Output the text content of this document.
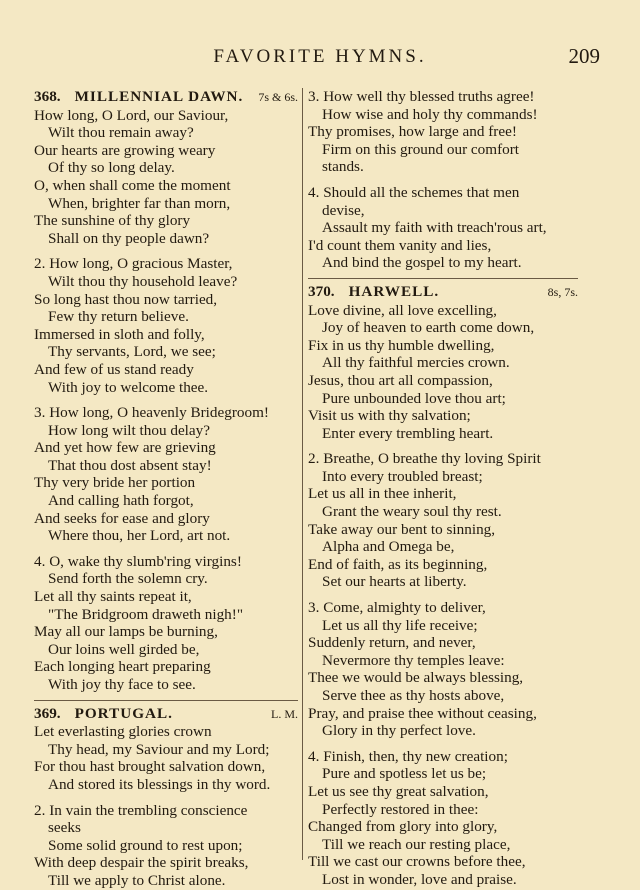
FAVORITE HYMNS.	209
368. MILLENNIAL DAWN.	7s & 6s.
How long, O Lord, our Saviour,
Wilt thou remain away?
Our hearts are growing weary
Of thy so long delay.
O, when shall come the moment
When, brighter far than morn,
The sunshine of thy glory
Shall on thy people dawn?
2. How long, O gracious Master,
Wilt thou thy household leave?
So long hast thou now tarried,
Few thy return believe.
Immersed in sloth and folly,
Thy servants, Lord, we see;
And few of us stand ready
With joy to welcome thee.
3. How long, O heavenly Bridegroom!
How long wilt thou delay?
And yet how few are grieving
That thou dost absent stay!
Thy very bride her portion
And calling hath forgot,
And seeks for ease and glory
Where thou, her Lord, art not.
4. O, wake thy slumb'ring virgins!
Send forth the solemn cry.
Let all thy saints repeat it,
"The Bridgroom draweth nigh!"
May all our lamps be burning,
Our loins well girded be,
Each longing heart preparing
With joy thy face to see.
369. PORTUGAL.	L. M.
Let everlasting glories crown
Thy head, my Saviour and my Lord;
For thou hast brought salvation down,
And stored its blessings in thy word.
2. In vain the trembling conscience
seeks
Some solid ground to rest upon;
With deep despair the spirit breaks,
Till we apply to Christ alone.
3. How well thy blessed truths agree!
How wise and holy thy commands!
Thy promises, how large and free!
Firm on this ground our comfort
stands.
4. Should all the schemes that men
devise,
Assault my faith with treach'rous art,
I'd count them vanity and lies,
And bind the gospel to my heart.
370. HARWELL.	8s, 7s.
Love divine, all love excelling,
Joy of heaven to earth come down,
Fix in us thy humble dwelling,
All thy faithful mercies crown.
Jesus, thou art all compassion,
Pure unbounded love thou art;
Visit us with thy salvation;
Enter every trembling heart.
2. Breathe, O breathe thy loving Spirit
Into every troubled breast;
Let us all in thee inherit,
Grant the weary soul thy rest.
Take away our bent to sinning,
Alpha and Omega be,
End of faith, as its beginning,
Set our hearts at liberty.
3. Come, almighty to deliver,
Let us all thy life receive;
Suddenly return, and never,
Nevermore thy temples leave:
Thee we would be always blessing,
Serve thee as thy hosts above,
Pray, and praise thee without ceasing,
Glory in thy perfect love.
4. Finish, then, thy new creation;
Pure and spotless let us be;
Let us see thy great salvation,
Perfectly restored in thee:
Changed from glory into glory,
Till we reach our resting place,
Till we cast our crowns before thee,
Lost in wonder, love and praise.
